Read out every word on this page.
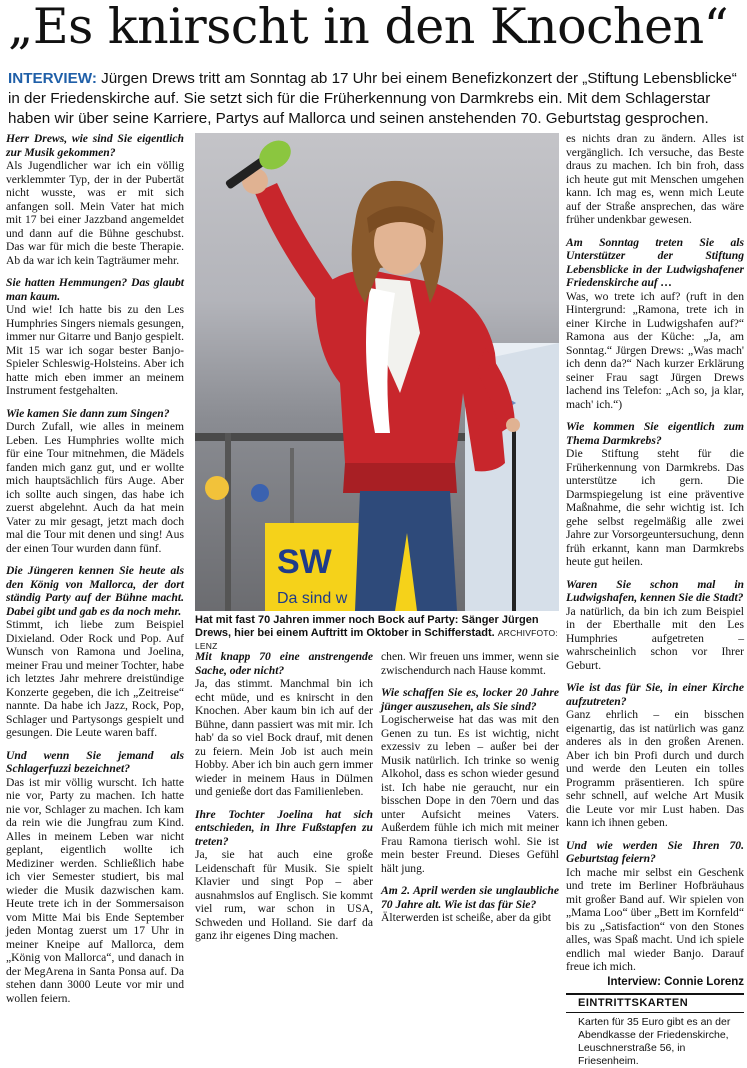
„Es knirscht in den Knochen“
INTERVIEW: Jürgen Drews tritt am Sonntag ab 17 Uhr bei einem Benefizkonzert der „Stiftung Lebensblicke“ in der Friedenskirche auf. Sie setzt sich für die Früherkennung von Darmkrebs ein. Mit dem Schlagerstar haben wir über seine Karriere, Partys auf Mallorca und seinen anstehenden 70. Geburtstag gesprochen.

Herr Drews, wie sind Sie eigentlich zur Musik gekommen?

Als Jugendlicher war ich ein völlig verklemmter Typ, der in der Pubertät nicht wusste, was er mit sich anfangen soll. Mein Vater hat mich mit 17 bei einer Jazzband angemeldet und dann auf die Bühne geschubst. Das war für mich die beste Therapie. Ab da war ich kein Tagträumer mehr.

Sie hatten Hemmungen? Das glaubt man kaum.

Und wie! Ich hatte bis zu den Les Humphries Singers niemals gesungen, immer nur Gitarre und Banjo gespielt. Mit 15 war ich sogar bester Banjo-Spieler Schleswig-Holsteins. Aber ich hatte mich eben immer an meinem Instrument festgehalten.

Wie kamen Sie dann zum Singen?

Durch Zufall, wie alles in meinem Leben. Les Humphries wollte mich für eine Tour mitnehmen, die Mädels fanden mich ganz gut, und er wollte mich hauptsächlich fürs Auge. Aber ich sollte auch singen, das habe ich zuerst abgelehnt. Auch da hat mein Vater zu mir gesagt, jetzt mach doch mal die Tour mit denen und sing! Aus der einen Tour wurden dann fünf.

Die Jüngeren kennen Sie heute als den König von Mallorca, der dort ständig Party auf der Bühne macht. Dabei gibt und gab es da noch mehr.

Stimmt, ich liebe zum Beispiel Dixieland. Oder Rock und Pop. Auf Wunsch von Ramona und Joelina, meiner Frau und meiner Tochter, habe ich letztes Jahr mehrere dreistündige Konzerte gegeben, die ich „Zeitreise“ nannte. Da habe ich Jazz, Rock, Pop, Schlager und Partysongs gespielt und gesungen. Die Leute waren baff.

Und wenn Sie jemand als Schlagerfuzzi bezeichnet?

Das ist mir völlig wurscht. Ich hatte nie vor, Party zu machen. Ich hatte nie vor, Schlager zu machen. Ich kam da rein wie die Jungfrau zum Kind. Alles in meinem Leben war nicht geplant, eigentlich wollte ich Mediziner werden. Schließlich habe ich vier Semester studiert, bis mal wieder die Musik dazwischen kam. Heute trete ich in der Sommersaison vom Mitte Mai bis Ende September jeden Montag zuerst um 17 Uhr in meiner Kneipe auf Mallorca, dem „König von Mallorca“, und danach in der MegArena in Santa Ponsa auf. Da stehen dann 3000 Leute vor mir und wollen feiern.

SW
Da sind w
Hat mit fast 70 Jahren immer noch Bock auf Party: Sänger Jürgen Drews, hier bei einem Auftritt im Oktober in Schifferstadt. ARCHIVFOTO: LENZ

Mit knapp 70 eine anstrengende Sache, oder nicht?

Ja, das stimmt. Manchmal bin ich echt müde, und es knirscht in den Knochen. Aber kaum bin ich auf der Bühne, dann passiert was mit mir. Ich hab' da so viel Bock drauf, mit denen zu feiern. Mein Job ist auch mein Hobby. Aber ich bin auch gern immer wieder in meinem Haus in Dülmen und genieße dort das Familienleben.

Ihre Tochter Joelina hat sich entschieden, in Ihre Fußstapfen zu treten?

Ja, sie hat auch eine große Leidenschaft für Musik. Sie spielt Klavier und singt Pop – aber ausnahmslos auf Englisch. Sie kommt viel rum, war schon in USA, Schweden und Holland. Sie darf da ganz ihr eigenes Ding machen.

chen. Wir freuen uns immer, wenn sie zwischendurch nach Hause kommt.

Wie schaffen Sie es, locker 20 Jahre jünger auszusehen, als Sie sind?

Logischerweise hat das was mit den Genen zu tun. Es ist wichtig, nicht exzessiv zu leben – außer bei der Musik natürlich. Ich trinke so wenig Alkohol, dass es schon wieder gesund ist. Ich habe nie geraucht, nur ein bisschen Dope in den 70ern und das unter Aufsicht meines Vaters. Außerdem fühle ich mich mit meiner Frau Ramona tierisch wohl. Sie ist mein bester Freund. Dieses Gefühl hält jung.

Am 2. April werden sie unglaubliche 70 Jahre alt. Wie ist das für Sie?

Älterwerden ist scheiße, aber da gibt

es nichts dran zu ändern. Alles ist vergänglich. Ich versuche, das Beste draus zu machen. Ich bin froh, dass ich heute gut mit Menschen umgehen kann. Ich mag es, wenn mich Leute auf der Straße ansprechen, das wäre früher undenkbar gewesen.

Am Sonntag treten Sie als Unterstützer der Stiftung Lebensblicke in der Ludwigshafener Friedenskirche auf …

Was, wo trete ich auf? (ruft in den Hintergrund: „Ramona, trete ich in einer Kirche in Ludwigshafen auf?“ Ramona aus der Küche: „Ja, am Sonntag.“ Jürgen Drews: „Was mach' ich denn da?“ Nach kurzer Erklärung seiner Frau sagt Jürgen Drews lachend ins Telefon: „Ach so, ja klar, mach' ich.“)

Wie kommen Sie eigentlich zum Thema Darmkrebs?

Die Stiftung steht für die Früherkennung von Darmkrebs. Das unterstütze ich gern. Die Darmspiegelung ist eine präventive Maßnahme, die sehr wichtig ist. Ich gehe selbst regelmäßig alle zwei Jahre zur Vorsorgeuntersuchung, denn früh erkannt, kann man Darmkrebs heute gut heilen.

Waren Sie schon mal in Ludwigshafen, kennen Sie die Stadt?

Ja natürlich, da bin ich zum Beispiel in der Eberthalle mit den Les Humphries aufgetreten – wahrscheinlich schon vor Ihrer Geburt.

Wie ist das für Sie, in einer Kirche aufzutreten?

Ganz ehrlich – ein bisschen eigenartig, das ist natürlich was ganz anderes als in den großen Arenen. Aber ich bin Profi durch und durch und werde den Leuten ein tolles Programm präsentieren. Ich spüre sehr schnell, auf welche Art Musik die Leute vor mir Lust haben. Das kann ich ihnen geben.

Und wie werden Sie Ihren 70. Geburtstag feiern?

Ich mache mir selbst ein Geschenk und trete im Berliner Hofbräuhaus mit großer Band auf. Wir spielen von „Mama Loo“ über „Bett im Kornfeld“ bis zu „Satisfaction“ von den Stones alles, was Spaß macht. Und ich spiele endlich mal wieder Banjo. Darauf freue ich mich.

Interview: Connie Lorenz

EINTRITTSKARTEN

Karten für 35 Euro gibt es an der Abendkasse der Friedenskirche, Leuschnerstraße 56, in Friesenheim.
